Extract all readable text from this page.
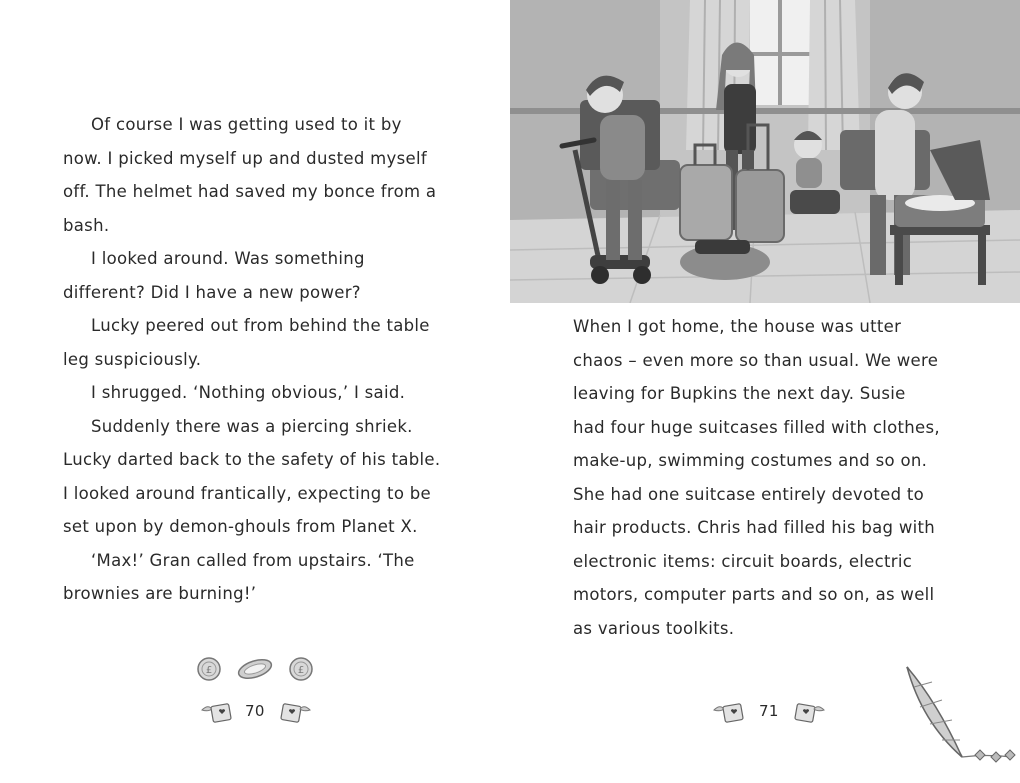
Of course I was getting used to it by
now. I picked myself up and dusted myself
off. The helmet had saved my bonce from a
bash.
I looked around. Was something
different? Did I have a new power?
Lucky peered out from behind the table
leg suspiciously.
I shrugged. ‘Nothing obvious,’ I said.
Suddenly there was a piercing shriek.
Lucky darted back to the safety of his table.
I looked around frantically, expecting to be
set upon by demon-ghouls from Planet X.
‘Max!’ Gran called from upstairs. ‘The
brownies are burning!’
£	£
70
When I got home, the house was utter
chaos – even more so than usual. We were
leaving for Bupkins the next day. Susie
had four huge suitcases filled with clothes,
make-up, swimming costumes and so on.
She had one suitcase entirely devoted to
hair products. Chris had filled his bag with
electronic items: circuit boards, electric
motors, computer parts and so on, as well
as various toolkits.
71
